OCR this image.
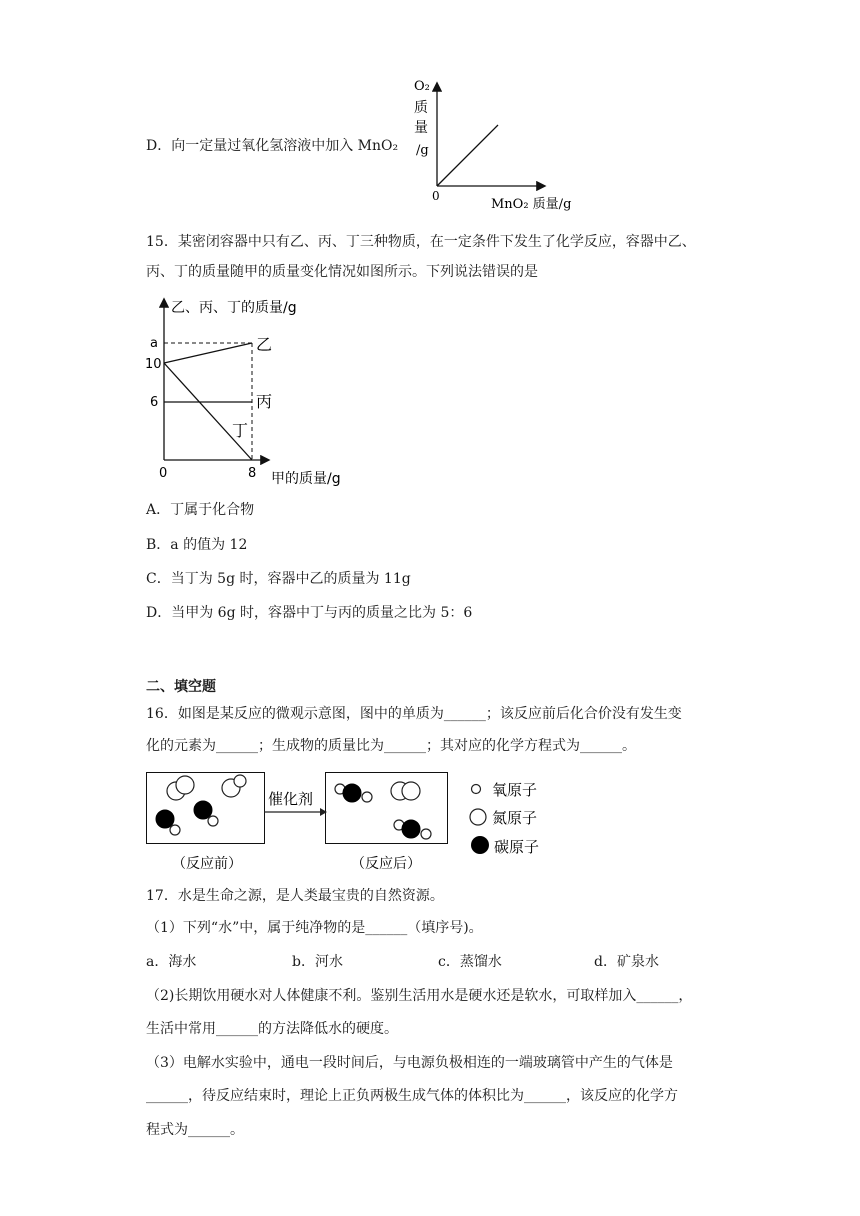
D．向一定量过氧化氢溶液中加入 MnO₂
O₂
质
量
/g
0
MnO₂ 质量/g
15．某密闭容器中只有乙、丙、丁三种物质，在一定条件下发生了化学反应，容器中乙、
丙、丁的质量随甲的质量变化情况如图所示。下列说法错误的是
乙、丙、丁的质量/g
甲的质量/g
a
10
6
0	8
乙
丙
丁
A．丁属于化合物
B．a 的值为 12
C．当丁为 5g 时，容器中乙的质量为 11g
D．当甲为 6g 时，容器中丁与丙的质量之比为 5：6
二、填空题
16．如图是某反应的微观示意图，图中的单质为______；该反应前后化合价没有发生变
化的元素为______；生成物的质量比为______；其对应的化学方程式为______。
催化剂
（反应前）	（反应后）
氧原子
氮原子
碳原子
17．水是生命之源，是人类最宝贵的自然资源。
（1）下列“水”中，属于纯净物的是______（填序号)。
a．海水	b．河水	c．蒸馏水	d．矿泉水
（2)长期饮用硬水对人体健康不利。鉴别生活用水是硬水还是软水，可取样加入______，
生活中常用______的方法降低水的硬度。
（3）电解水实验中，通电一段时间后，与电源负极相连的一端玻璃管中产生的气体是
______，待反应结束时，理论上正负两极生成气体的体积比为______，该反应的化学方
程式为______。
